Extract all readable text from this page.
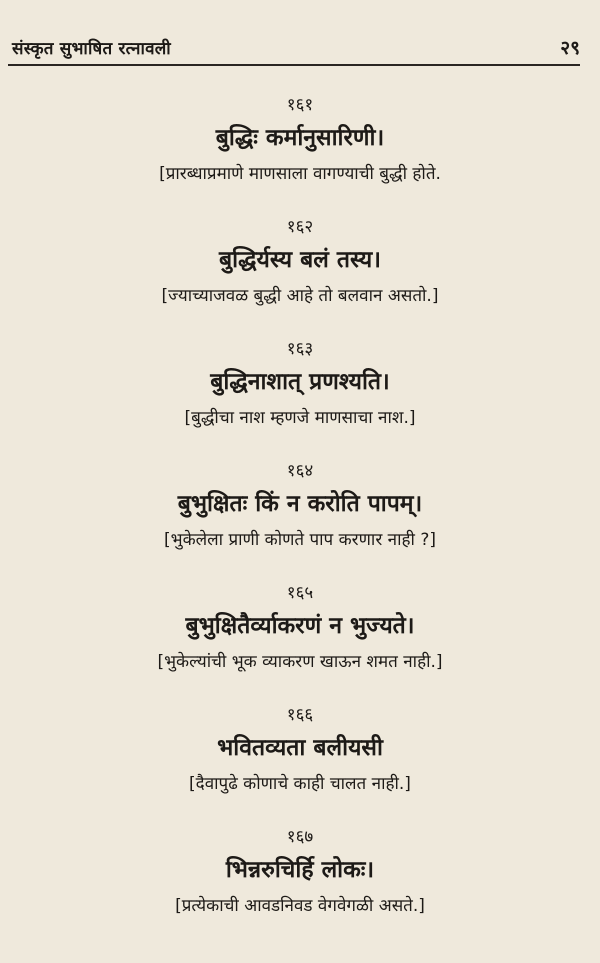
संस्कृत सुभाषित रत्नावली	२९
१६१
बुद्धिः कर्मानुसारिणी।
[प्रारब्धाप्रमाणे माणसाला वागण्याची बुद्धी होते.
१६२
बुद्धिर्यस्य बलं तस्य।
[ज्याच्याजवळ बुद्धी आहे तो बलवान असतो.]
१६३
बुद्धिनाशात् प्रणश्यति।
[बुद्धीचा नाश म्हणजे माणसाचा नाश.]
१६४
बुभुक्षितः किं न करोति पापम्।
[भुकेलेला प्राणी कोणते पाप करणार नाही ?]
१६५
बुभुक्षितैर्व्याकरणं न भुज्यते।
[भुकेल्यांची भूक व्याकरण खाऊन शमत नाही.]
१६६
भवितव्यता बलीयसी
[दैवापुढे कोणाचे काही चालत नाही.]
१६७
भिन्नरुचिर्हि लोकः।
[प्रत्येकाची आवडनिवड वेगवेगळी असते.]
